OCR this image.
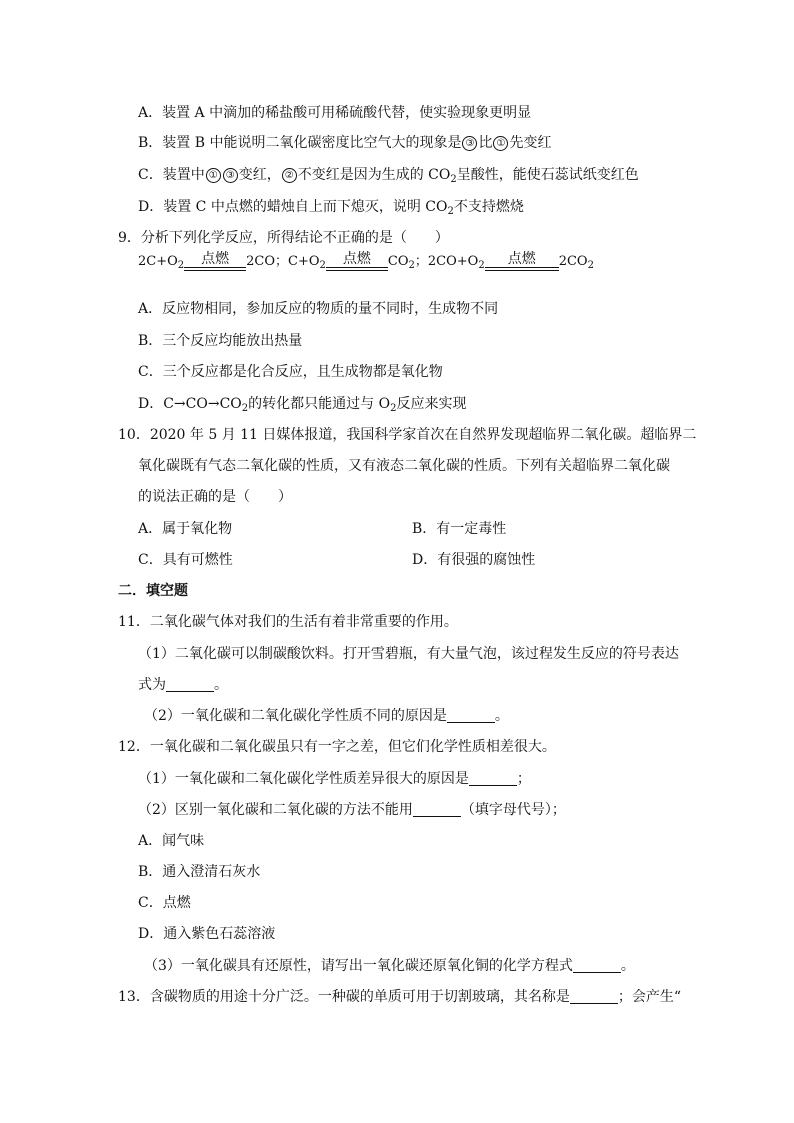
A．装置 A 中滴加的稀盐酸可用稀硫酸代替，使实验现象更明显
B．装置 B 中能说明二氧化碳密度比空气大的现象是 ③ 比 ① 先变红
C．装置中 ① ③ 变红， ② 不变红是因为生成的 $CO_2$呈酸性，能使石蕊试纸变红色
D．装置 C 中点燃的蜡烛自上而下熄灭，说明 $CO_2$不支持燃烧
9．分析下列化学反应，所得结论不正确的是（　　）
$2C+O_2$	点燃	2CO；$C+O_2$	点燃	$CO_2$；$2CO+O_2$	点燃	$2CO_2$
A．反应物相同，参加反应的物质的量不同时，生成物不同
B．三个反应均能放出热量
C．三个反应都是化合反应，且生成物都是氧化物
D．$C\to CO\to CO_2$的转化都只能通过与 $O_2$反应来实现
10．2020 年 5 月 11 日媒体报道，我国科学家首次在自然界发现超临界二氧化碳。超临界二
氧化碳既有气态二氧化碳的性质，又有液态二氧化碳的性质。下列有关超临界二氧化碳
的说法正确的是（　　）
A．属于氧化物	B．有一定毒性
C．具有可燃性	D．有很强的腐蚀性
二．填空题
11．二氧化碳气体对我们的生活有着非常重要的作用。
（1）二氧化碳可以制碳酸饮料。打开雪碧瓶，有大量气泡，该过程发生反应的符号表达
式为	。
（2）一氧化碳和二氧化碳化学性质不同的原因是	。
12．一氧化碳和二氧化碳虽只有一字之差，但它们化学性质相差很大。
（1）一氧化碳和二氧化碳化学性质差异很大的原因是	；
（2）区别一氧化碳和二氧化碳的方法不能用	（填字母代号）；
A．闻气味
B．通入澄清石灰水
C．点燃
D．通入紫色石蕊溶液
（3）一氧化碳具有还原性，请写出一氧化碳还原氧化铜的化学方程式	。
13．含碳物质的用途十分广泛。一种碳的单质可用于切割玻璃，其名称是	；会产生“
